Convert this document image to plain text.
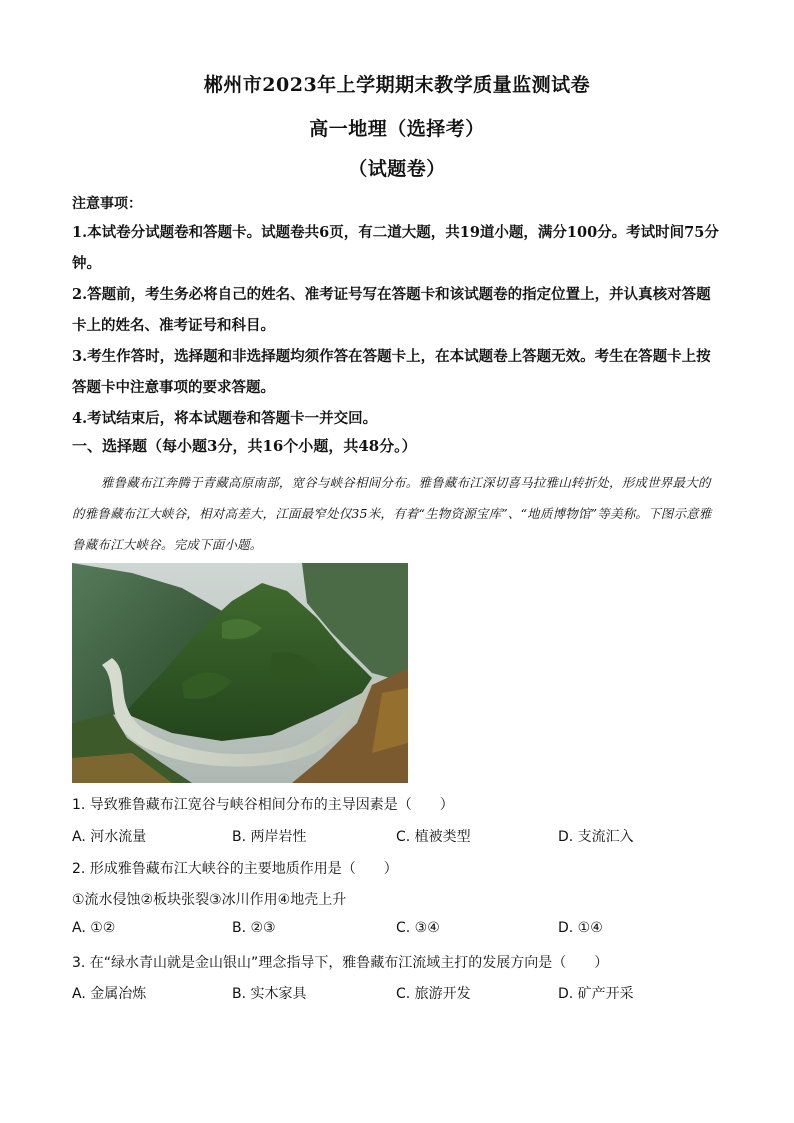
郴州市2023年上学期期末教学质量监测试卷
高一地理（选择考）
（试题卷）
注意事项：
1.本试卷分试题卷和答题卡。试题卷共6页，有二道大题，共19道小题，满分100分。考试时间75分钟。
2.答题前，考生务必将自己的姓名、准考证号写在答题卡和该试题卷的指定位置上，并认真核对答题卡上的姓名、准考证号和科目。
3.考生作答时，选择题和非选择题均须作答在答题卡上，在本试题卷上答题无效。考生在答题卡上按答题卡中注意事项的要求答题。
4.考试结束后，将本试题卷和答题卡一并交回。
一、选择题（每小题3分，共16个小题，共48分。）
雅鲁藏布江奔腾于青藏高原南部，宽谷与峡谷相间分布。雅鲁藏布江深切喜马拉雅山转折处，形成世界最大的的雅鲁藏布江大峡谷，相对高差大，江面最窄处仅35米，有着“生物资源宝库”、“地质博物馆”等美称。下图示意雅鲁藏布江大峡谷。完成下面小题。
1. 导致雅鲁藏布江宽谷与峡谷相间分布的主导因素是（　　）
A. 河水流量	B. 两岸岩性	C. 植被类型	D. 支流汇入
2. 形成雅鲁藏布江大峡谷的主要地质作用是（　　）
①流水侵蚀②板块张裂③冰川作用④地壳上升
A. ①②	B. ②③	C. ③④	D. ①④
3. 在“绿水青山就是金山银山”理念指导下，雅鲁藏布江流域主打的发展方向是（　　）
A. 金属冶炼	B. 实木家具	C. 旅游开发	D. 矿产开采
